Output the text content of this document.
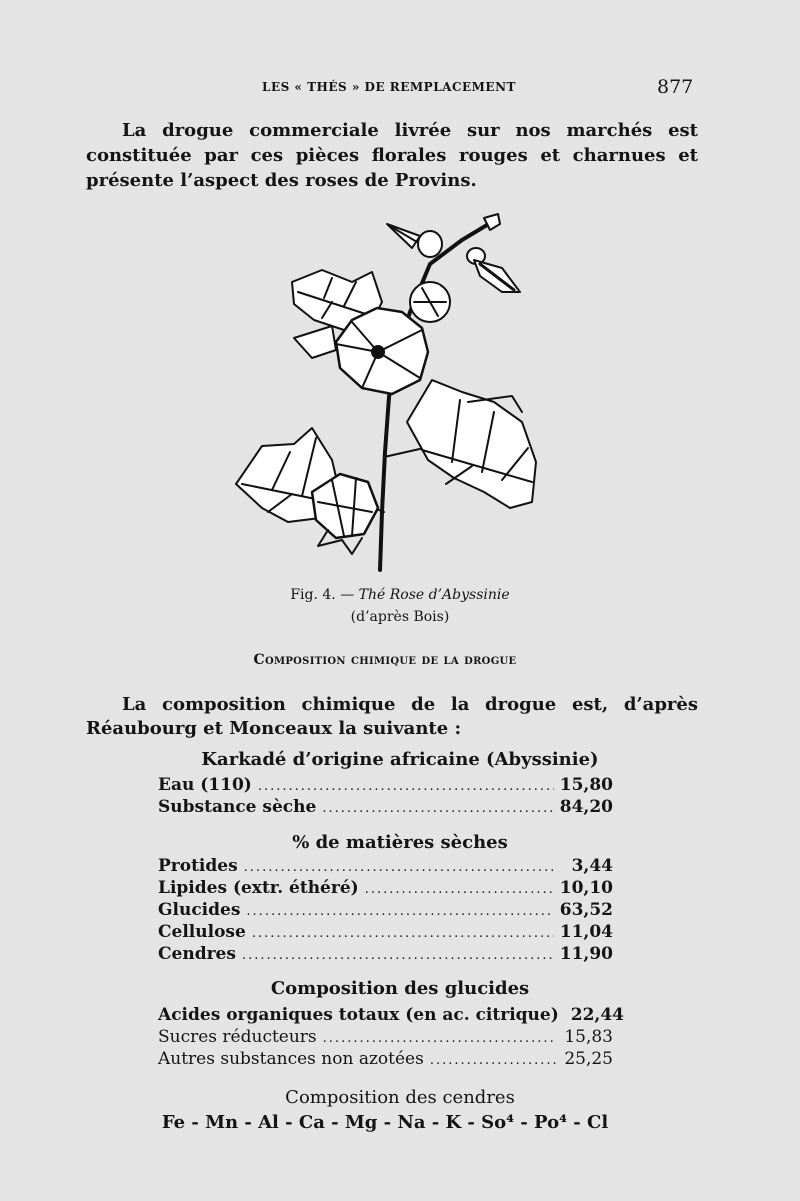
LES « THÉS » DE REMPLACEMENT	877

La drogue commerciale livrée sur nos marchés est constituée par ces pièces florales rouges et charnues et présente l’aspect des roses de Provins.

Fig. 4. — Thé Rose d’Abyssinie
(d’après Bois)
Composition chimique de la drogue

La composition chimique de la drogue est, d’après Réaubourg et Monceaux la suivante :

Karkadé d’origine africaine (Abyssinie)
Eau (110) .....	15,80
Substance sèche .....	84,20
% de matières sèches
Protides .....	3,44
Lipides (extr. éthéré) .....	10,10
Glucides .....	63,52
Cellulose .....	11,04
Cendres .....	11,90
Composition des glucides
Acides organiques totaux (en ac. citrique) 22,44
Sucres réducteurs .....	15,83
Autres substances non azotées .....	25,25
Composition des cendres
Fe - Mn - Al - Ca - Mg - Na - K - So⁴ - Po⁴ - Cl
